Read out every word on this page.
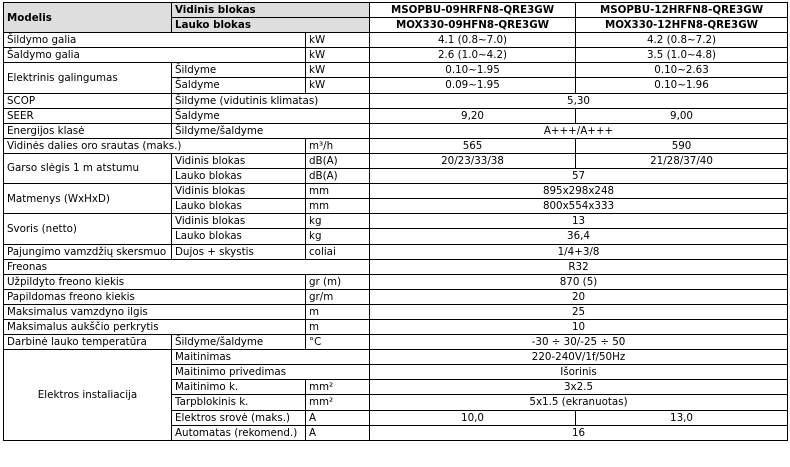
Modelis	Vidinis blokas		MSOPBU-09HRFN8-QRE3GW	MSOPBU-12HRFN8-QRE3GW
	Lauko blokas		MOX330-09HFN8-QRE3GW	MOX330-12HFN8-QRE3GW
Šildymo galia		kW	4.1 (0.8~7.0)	4.2 (0.8~7.2)
Šaldymo galia		kW	2.6 (1.0~4.2)	3.5 (1.0~4.8)
Elektrinis galingumas	Šildyme	kW	0.10~1.95	0.10~2.63
	Šaldyme	kW	0.09~1.95	0.10~1.96
SCOP	Šildyme (vidutinis klimatas)		5,30	
SEER	Šaldyme		9,20	9,00
Energijos klasė	Šildyme/šaldyme		A+++/A+++	
Vidinės dalies oro srautas (maks.)		m³/h	565	590
Garso slėgis 1 m atstumu	Vidinis blokas	dB(A)	20/23/33/38	21/28/37/40
	Lauko blokas	dB(A)	57	
Matmenys (WxHxD)	Vidinis blokas	mm	895x298x248	
	Lauko blokas	mm	800x554x333	
Svoris (netto)	Vidinis blokas	kg	13	
	Lauko blokas	kg	36,4	
Pajungimo vamzdžių skersmuo	Dujos + skystis	coliai	1/4+3/8	
Freonas			R32	
Užpildyto freono kiekis		gr (m)	870 (5)	
Papildomas freono kiekis		gr/m	20	
Maksimalus vamzdyno ilgis		m	25	
Maksimalus aukščio perkrytis		m	10	
Darbinė lauko temperatūra	Šildyme/šaldyme	°C	-30 ÷ 30/-25 ÷ 50	
Elektros instaliacija	Maitinimas		220-240V/1f/50Hz	
	Maitinimo privedimas		Išorinis	
	Maitinimo k.	mm²	3x2.5	
	Tarpblokinis k.	mm²	5x1.5 (ekranuotas)	
	Elektros srovė (maks.)	A	10,0	13,0
	Automatas (rekomend.)	A	16	
